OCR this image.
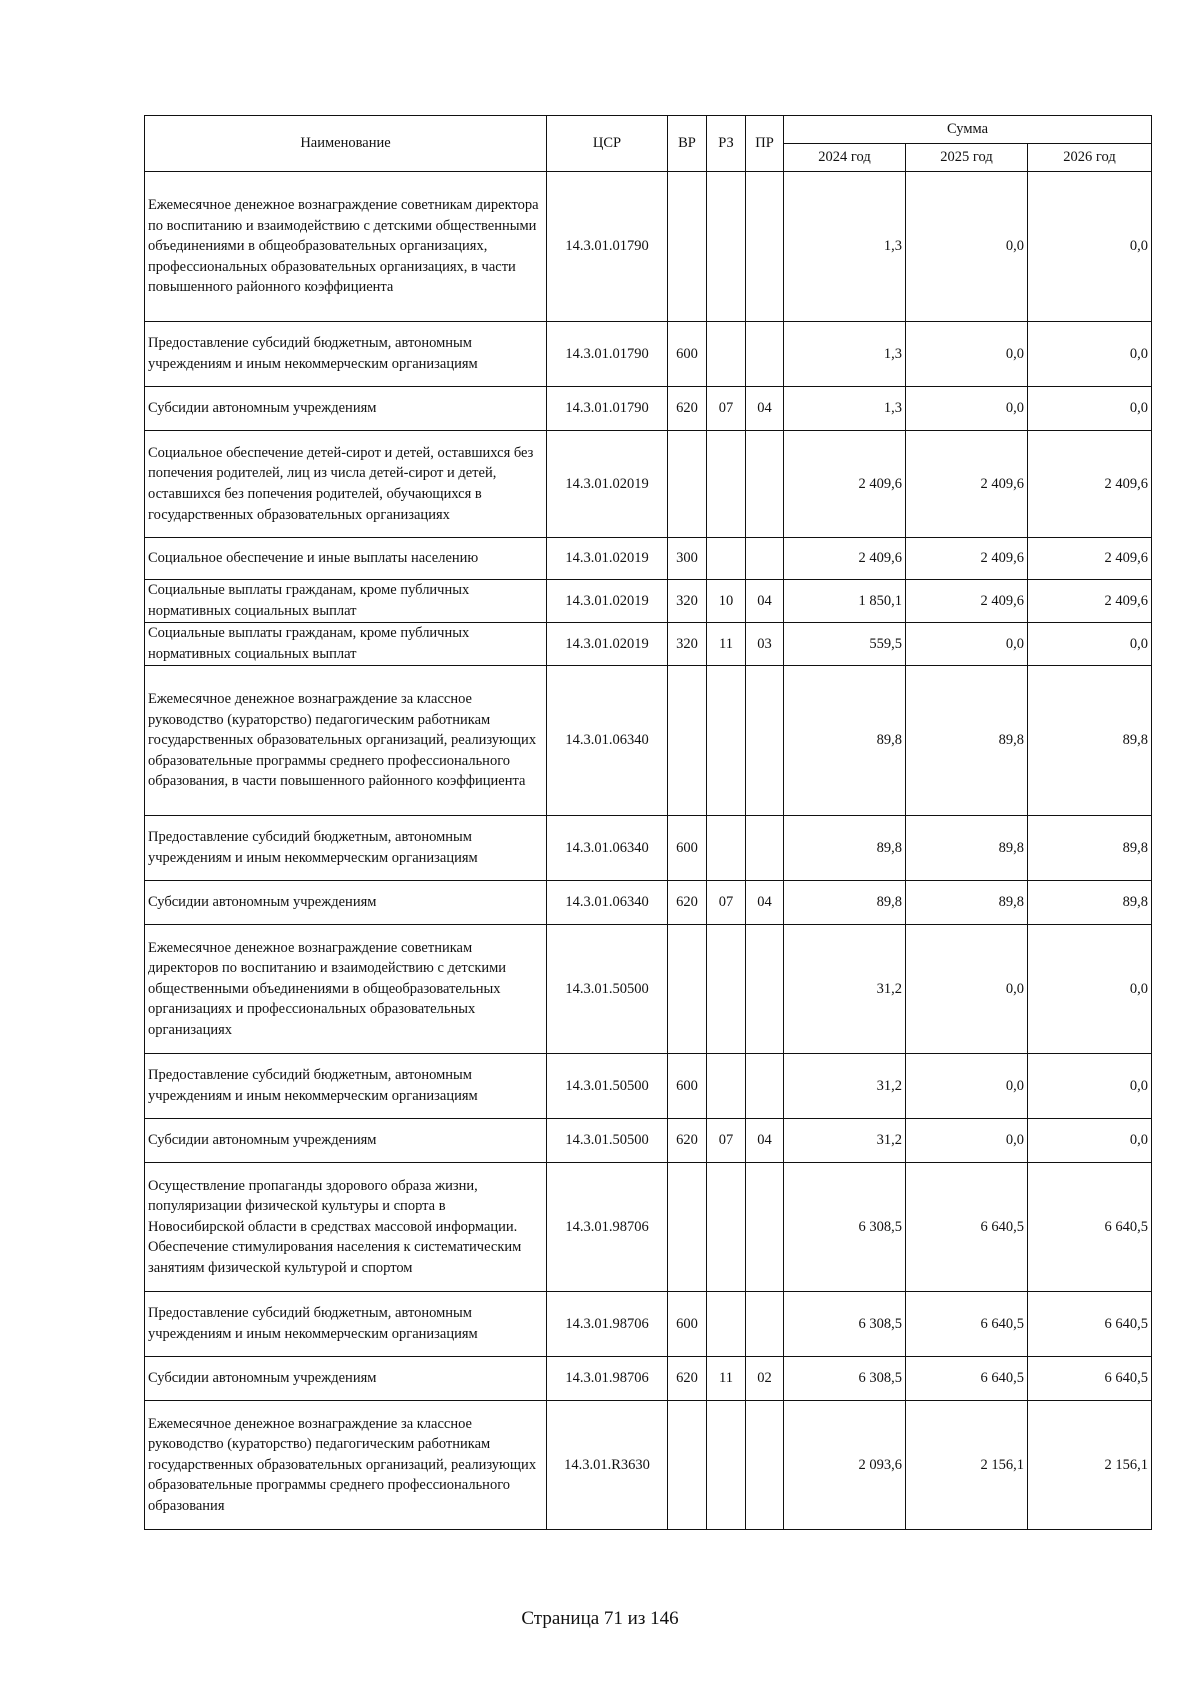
Наименование	ЦСР	ВР	РЗ	ПР	Сумма		
					2024 год	2025 год	2026 год
Ежемесячное денежное вознаграждение советникам директора по воспитанию и взаимодействию с детскими общественными объединениями в общеобразовательных организациях, профессиональных образовательных организациях, в части повышенного районного коэффициента	14.3.01.01790				1,3	0,0	0,0
Предоставление субсидий бюджетным, автономным учреждениям и иным некоммерческим организациям	14.3.01.01790	600			1,3	0,0	0,0
Субсидии автономным учреждениям	14.3.01.01790	620	07	04	1,3	0,0	0,0
Социальное обеспечение детей-сирот и детей, оставшихся без попечения родителей, лиц из числа детей-сирот и детей, оставшихся без попечения родителей, обучающихся в государственных образовательных организациях	14.3.01.02019				2 409,6	2 409,6	2 409,6
Социальное обеспечение и иные выплаты населению	14.3.01.02019	300			2 409,6	2 409,6	2 409,6
Социальные выплаты гражданам, кроме публичных нормативных социальных выплат	14.3.01.02019	320	10	04	1 850,1	2 409,6	2 409,6
Социальные выплаты гражданам, кроме публичных нормативных социальных выплат	14.3.01.02019	320	11	03	559,5	0,0	0,0
Ежемесячное денежное вознаграждение за классное руководство (кураторство) педагогическим работникам государственных образовательных организаций, реализующих образовательные программы среднего профессионального образования, в части повышенного районного коэффициента	14.3.01.06340				89,8	89,8	89,8
Предоставление субсидий бюджетным, автономным учреждениям и иным некоммерческим организациям	14.3.01.06340	600			89,8	89,8	89,8
Субсидии автономным учреждениям	14.3.01.06340	620	07	04	89,8	89,8	89,8
Ежемесячное денежное вознаграждение советникам директоров по воспитанию и взаимодействию с детскими общественными объединениями в общеобразовательных организациях и профессиональных образовательных организациях	14.3.01.50500				31,2	0,0	0,0
Предоставление субсидий бюджетным, автономным учреждениям и иным некоммерческим организациям	14.3.01.50500	600			31,2	0,0	0,0
Субсидии автономным учреждениям	14.3.01.50500	620	07	04	31,2	0,0	0,0
Осуществление пропаганды здорового образа жизни, популяризации физической культуры и спорта в Новосибирской области в средствах массовой информации. Обеспечение стимулирования населения к систематическим занятиям физической культурой и спортом	14.3.01.98706				6 308,5	6 640,5	6 640,5
Предоставление субсидий бюджетным, автономным учреждениям и иным некоммерческим организациям	14.3.01.98706	600			6 308,5	6 640,5	6 640,5
Субсидии автономным учреждениям	14.3.01.98706	620	11	02	6 308,5	6 640,5	6 640,5
Ежемесячное денежное вознаграждение за классное руководство (кураторство) педагогическим работникам государственных образовательных организаций, реализующих образовательные программы среднего профессионального образования	14.3.01.R3630				2 093,6	2 156,1	2 156,1
Страница 71 из 146
